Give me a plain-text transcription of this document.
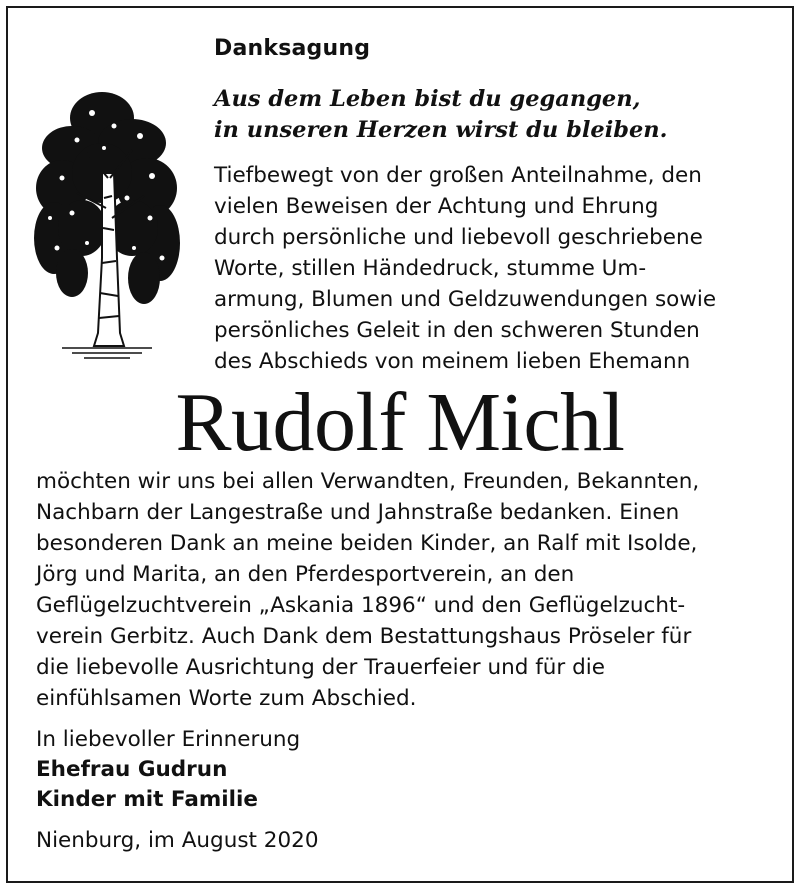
Danksagung
Aus dem Leben bist du gegangen,
in unseren Herzen wirst du bleiben.
Tiefbewegt von der großen Anteilnahme, den
vielen Beweisen der Achtung und Ehrung
durch persönliche und liebevoll geschriebene
Worte, stillen Händedruck, stumme Um-
armung, Blumen und Geldzuwendungen sowie
persönliches Geleit in den schweren Stunden
des Abschieds von meinem lieben Ehemann
Rudolf Michl
möchten wir uns bei allen Verwandten, Freunden, Bekannten,
Nachbarn der Langestraße und Jahnstraße bedanken. Einen
besonderen Dank an meine beiden Kinder, an Ralf mit Isolde,
Jörg und Marita, an den Pferdesportverein, an den
Geflügelzuchtverein „Askania 1896“ und den Geflügelzucht-
verein Gerbitz. Auch Dank dem Bestattungshaus Pröseler für
die liebevolle Ausrichtung der Trauerfeier und für die
einfühlsamen Worte zum Abschied.
In liebevoller Erinnerung
Ehefrau Gudrun
Kinder mit Familie
Nienburg, im August 2020
